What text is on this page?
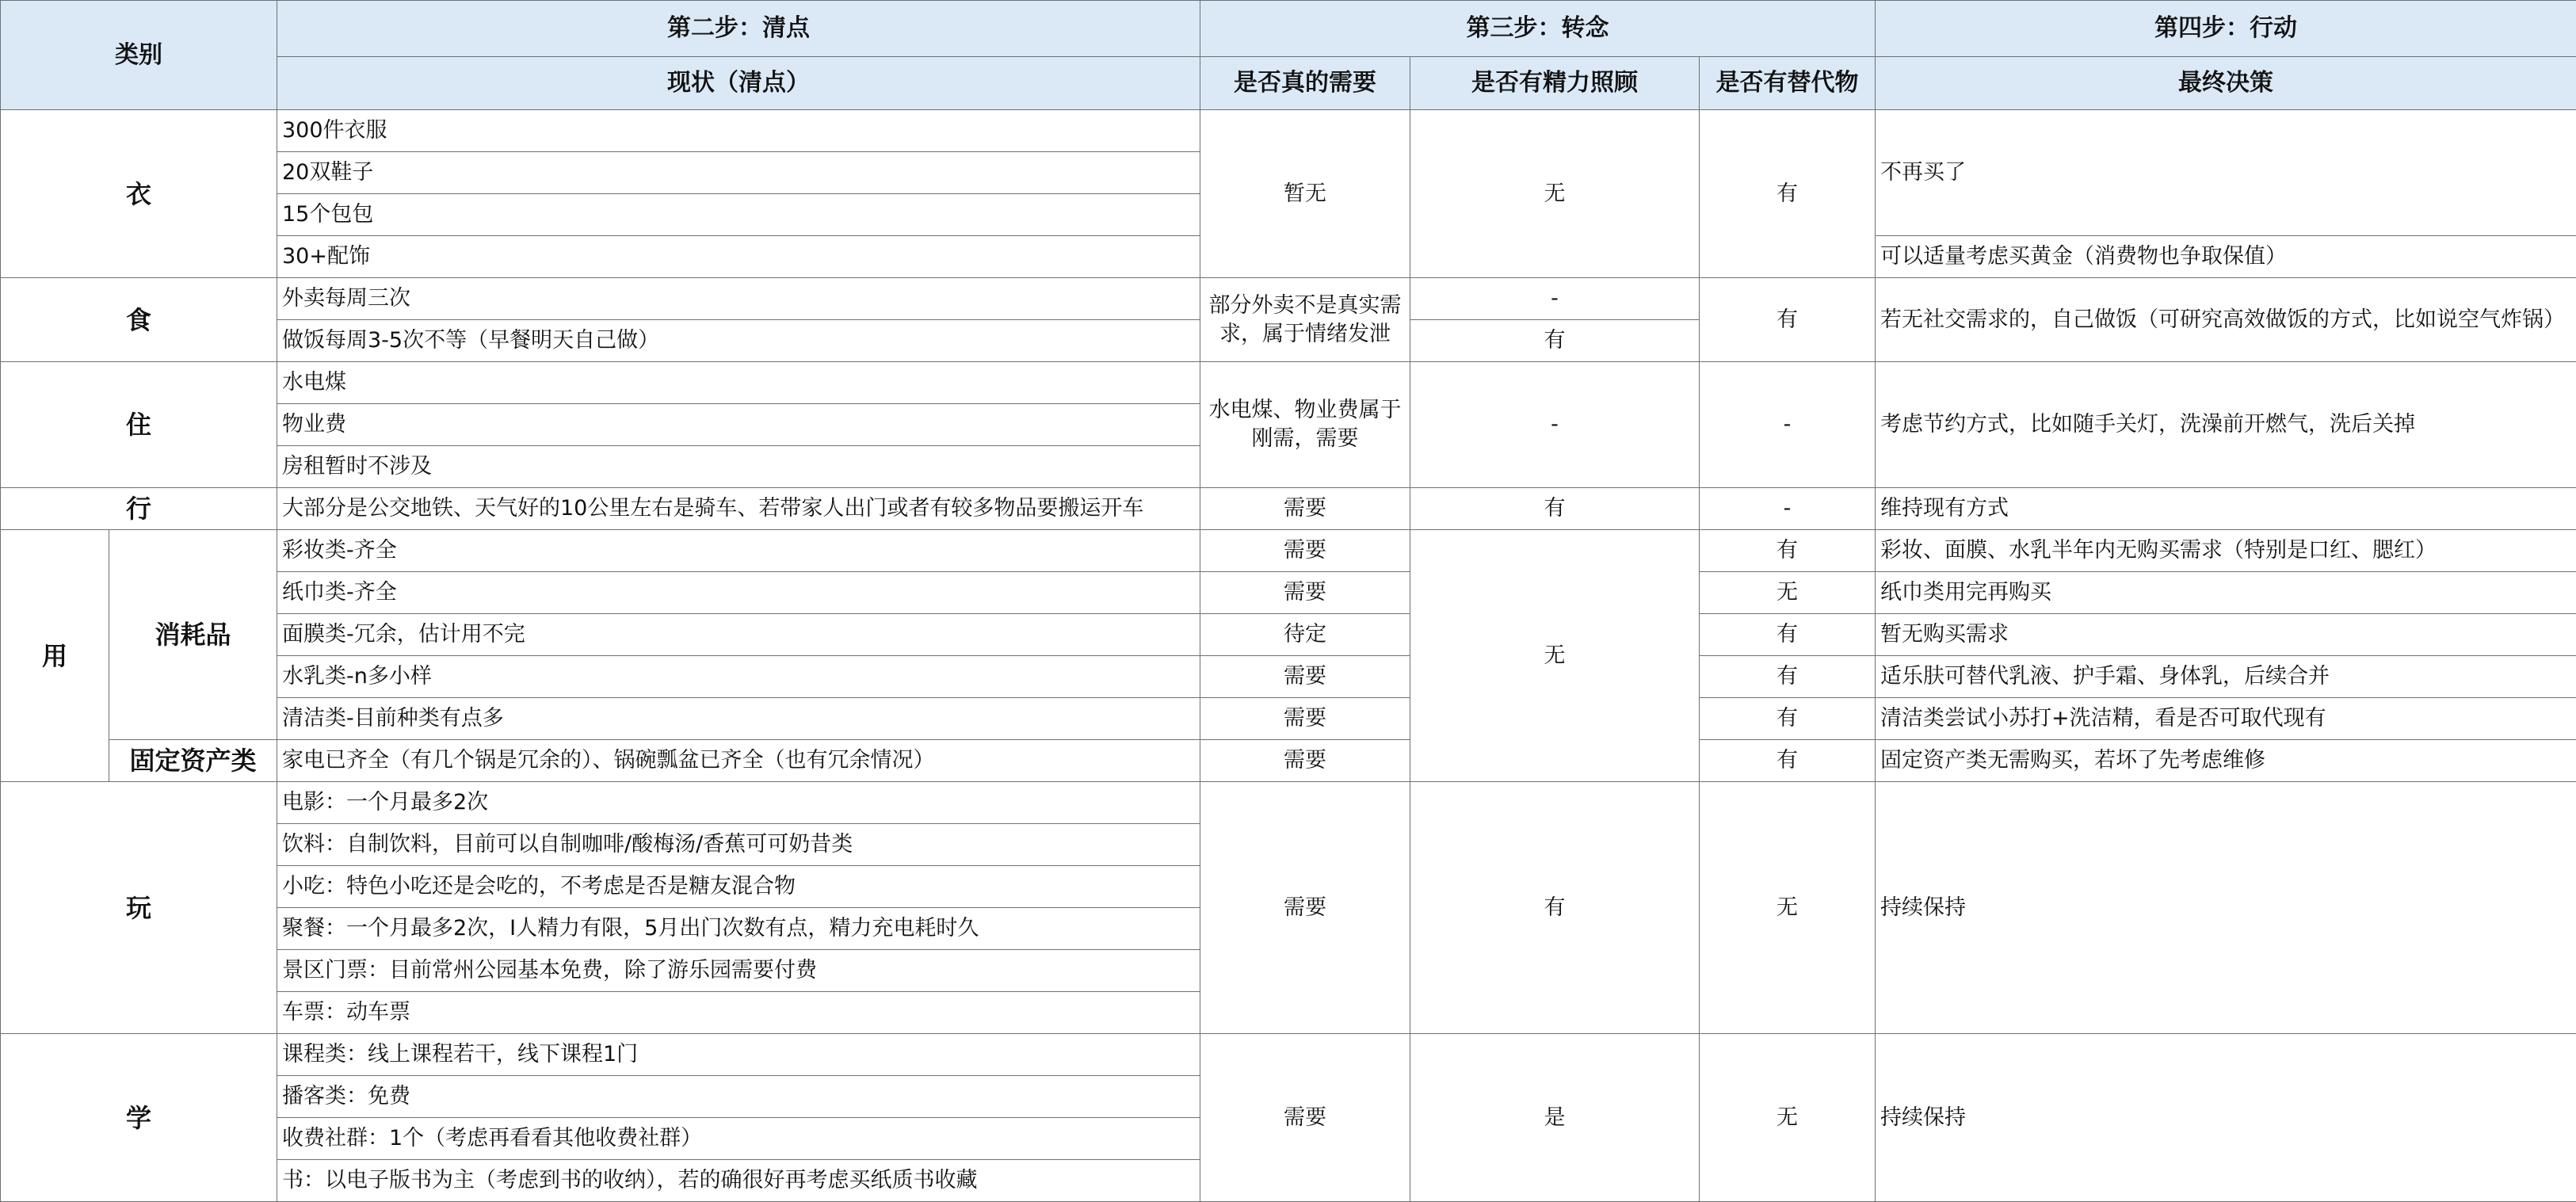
类别		第二步：清点	第三步：转念			第四步：行动
		现状（清点）	是否真的需要	是否有精力照顾	是否有替代物	最终决策
衣		300件衣服	暂无	无	有	不再买了
		20双鞋子				
		15个包包				
		30+配饰				可以适量考虑买黄金（消费物也争取保值）
食		外卖每周三次	部分外卖不是真实需求，属于情绪发泄	-	有	若无社交需求的，自己做饭（可研究高效做饭的方式，比如说空气炸锅）
		做饭每周3-5次不等（早餐明天自己做）		有		
住		水电煤	水电煤、物业费属于刚需，需要	-	-	考虑节约方式，比如随手关灯，洗澡前开燃气，洗后关掉
		物业费				
		房租暂时不涉及				
行		大部分是公交地铁、天气好的10公里左右是骑车、若带家人出门或者有较多物品要搬运开车	需要	有	-	维持现有方式
用	消耗品	彩妆类-齐全	需要	无	有	彩妆、面膜、水乳半年内无购买需求（特别是口红、腮红）
		纸巾类-齐全	需要		无	纸巾类用完再购买
		面膜类-冗余，估计用不完	待定		有	暂无购买需求
		水乳类-n多小样	需要		有	适乐肤可替代乳液、护手霜、身体乳，后续合并
		清洁类-目前种类有点多	需要		有	清洁类尝试小苏打+洗洁精，看是否可取代现有
	固定资产类	家电已齐全（有几个锅是冗余的）、锅碗瓢盆已齐全（也有冗余情况）	需要		有	固定资产类无需购买，若坏了先考虑维修
玩		电影：一个月最多2次	需要	有	无	持续保持
		饮料：自制饮料，目前可以自制咖啡/酸梅汤/香蕉可可奶昔类				
		小吃：特色小吃还是会吃的，不考虑是否是糖友混合物				
		聚餐：一个月最多2次，I人精力有限，5月出门次数有点，精力充电耗时久				
		景区门票：目前常州公园基本免费，除了游乐园需要付费				
		车票：动车票				
学		课程类：线上课程若干，线下课程1门	需要	是	无	持续保持
		播客类：免费				
		收费社群：1个（考虑再看看其他收费社群）				
		书：以电子版书为主（考虑到书的收纳），若的确很好再考虑买纸质书收藏				
